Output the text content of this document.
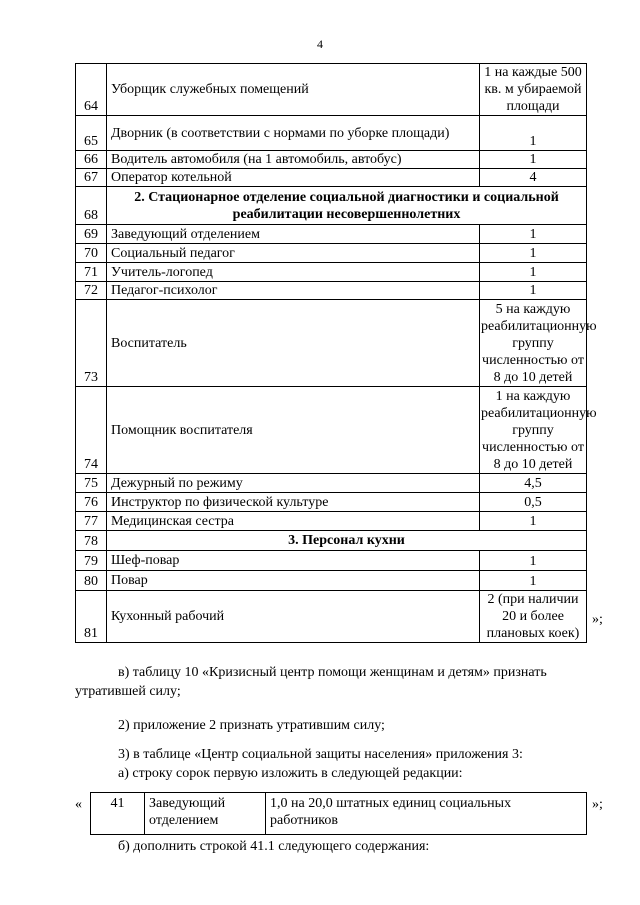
4
64	Уборщик служебных помещений	1 на каждые 500 кв. м убираемой площади
65	Дворник (в соответствии с нормами по уборке площади)	1
66	Водитель автомобиля (на 1 автомобиль, автобус)	1
67	Оператор котельной	4
68	2. Стационарное отделение социальной диагностики и социальной реабилитации несовершеннолетних	
69	Заведующий отделением	1
70	Социальный педагог	1
71	Учитель-логопед	1
72	Педагог-психолог	1
73	Воспитатель	5 на каждую реабилитационную группу численностью от 8 до 10 детей
74	Помощник воспитателя	1 на каждую реабилитационную группу численностью от 8 до 10 детей
75	Дежурный по режиму	4,5
76	Инструктор по физической культуре	0,5
77	Медицинская сестра	1
78	3. Персонал кухни	
79	Шеф-повар	1
80	Повар	1
81	Кухонный рабочий	2 (при наличии 20 и более плановых коек)
»;
в) таблицу 10 «Кризисный центр помощи женщинам и детям» признать
утратившей силу;
2) приложение 2 признать утратившим силу;
3) в таблице «Центр социальной защиты населения» приложения 3:
а) строку сорок первую изложить в следующей редакции:
« 41	Заведующий отделением	1,0 на 20,0 штатных единиц социальных работников
»;
б) дополнить строкой 41.1 следующего содержания:
